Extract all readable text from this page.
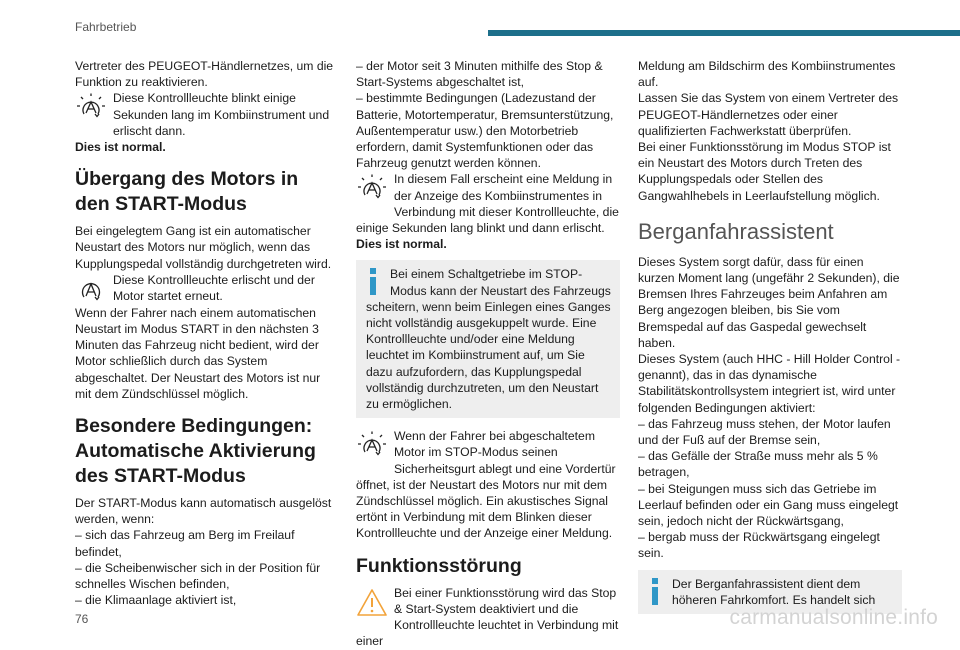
Fahrbetrieb

Vertreter des PEUGEOT-Händlernetzes, um die Funktion zu reaktivieren.

Diese Kontrollleuchte blinkt einige Sekunden lang im Kombiinstrument und erlischt dann.

Dies ist normal.

Übergang des Motors in den START-Modus

Bei eingelegtem Gang ist ein automatischer Neustart des Motors nur möglich, wenn das Kupplungspedal vollständig durchgetreten wird.

Diese Kontrollleuchte erlischt und der Motor startet erneut.

Wenn der Fahrer nach einem automatischen Neustart im Modus START in den nächsten 3 Minuten das Fahrzeug nicht bedient, wird der Motor schließlich durch das System abgeschaltet. Der Neustart des Motors ist nur mit dem Zündschlüssel möglich.

Besondere Bedingungen: Automatische Aktivierung des START-Modus

Der START-Modus kann automatisch ausgelöst werden, wenn:

– sich das Fahrzeug am Berg im Freilauf befindet,

– die Scheibenwischer sich in der Position für schnelles Wischen befinden,

– die Klimaanlage aktiviert ist,

– der Motor seit 3 Minuten mithilfe des Stop & Start-Systems abgeschaltet ist,

– bestimmte Bedingungen (Ladezustand der Batterie, Motortemperatur, Bremsunterstützung, Außentemperatur usw.) den Motorbetrieb erfordern, damit Systemfunktionen oder das Fahrzeug genutzt werden können.

In diesem Fall erscheint eine Meldung in der Anzeige des Kombiinstrumentes in Verbindung mit dieser Kontrollleuchte, die einige Sekunden lang blinkt und dann erlischt.

Dies ist normal.

Bei einem Schaltgetriebe im STOP-Modus kann der Neustart des Fahrzeugs scheitern, wenn beim Einlegen eines Ganges nicht vollständig ausgekuppelt wurde. Eine Kontrollleuchte und/oder eine Meldung leuchtet im Kombiinstrument auf, um Sie dazu aufzufordern, das Kupplungspedal vollständig durchzutreten, um den Neustart zu ermöglichen.
Wenn der Fahrer bei abgeschaltetem Motor im STOP-Modus seinen Sicherheitsgurt ablegt und eine Vordertür öffnet, ist der Neustart des Motors nur mit dem Zündschlüssel möglich. Ein akustisches Signal ertönt in Verbindung mit dem Blinken dieser Kontrollleuchte und der Anzeige einer Meldung.
Funktionsstörung
Bei einer Funktionsstörung wird das Stop & Start-System deaktiviert und die Kontrollleuchte leuchtet in Verbindung mit einer

Meldung am Bildschirm des Kombiinstrumentes auf.

Lassen Sie das System von einem Vertreter des PEUGEOT-Händlernetzes oder einer qualifizierten Fachwerkstatt überprüfen.

Bei einer Funktionsstörung im Modus STOP ist ein Neustart des Motors durch Treten des Kupplungspedals oder Stellen des Gangwahlhebels in Leerlaufstellung möglich.

Berganfahrassistent

Dieses System sorgt dafür, dass für einen kurzen Moment lang (ungefähr 2 Sekunden), die Bremsen Ihres Fahrzeuges beim Anfahren am Berg angezogen bleiben, bis Sie vom Bremspedal auf das Gaspedal gewechselt haben.

Dieses System (auch HHC - Hill Holder Control - genannt), das in das dynamische Stabilitätskontrollsystem integriert ist, wird unter folgenden Bedingungen aktiviert:

– das Fahrzeug muss stehen, der Motor laufen und der Fuß auf der Bremse sein,

– das Gefälle der Straße muss mehr als 5 % betragen,

– bei Steigungen muss sich das Getriebe im Leerlauf befinden oder ein Gang muss eingelegt sein, jedoch nicht der Rückwärtsgang,

– bergab muss der Rückwärtsgang eingelegt sein.

Der Berganfahrassistent dient dem höheren Fahrkomfort. Es handelt sich
76	carmanualsonline.info
